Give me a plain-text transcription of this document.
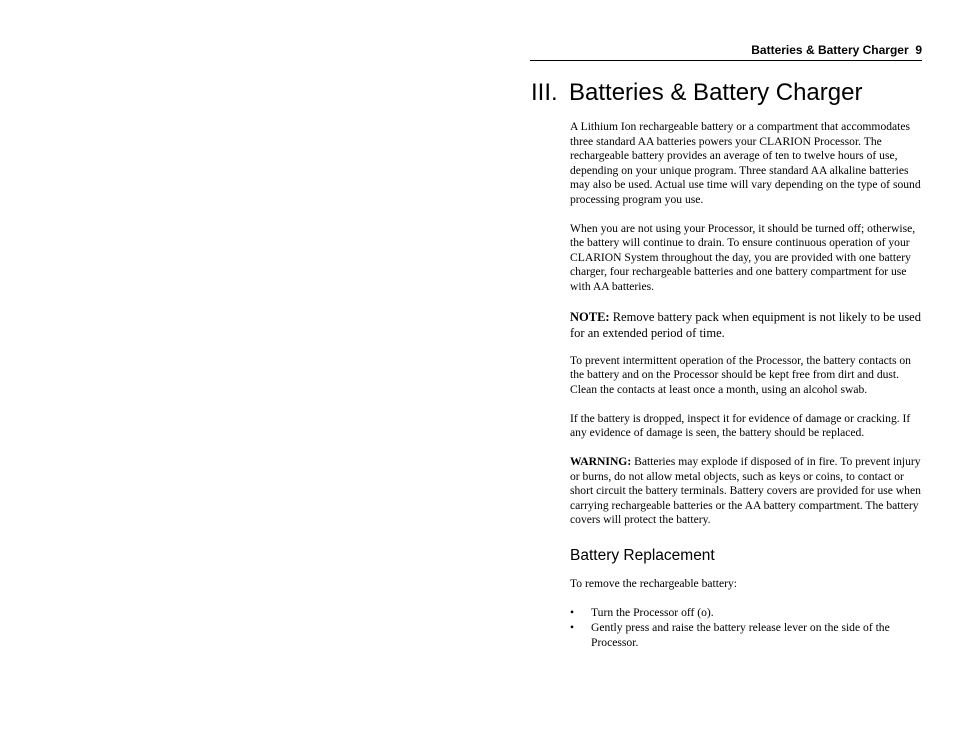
Batteries & Battery Charger 9
III. Batteries & Battery Charger

A Lithium Ion rechargeable battery or a compartment that accommodates three standard AA batteries powers your CLARION Processor. The rechargeable battery provides an average of ten to twelve hours of use, depending on your unique program. Three standard AA alkaline batteries may also be used. Actual use time will vary depending on the type of sound processing program you use.

When you are not using your Processor, it should be turned off; otherwise, the battery will continue to drain. To ensure continuous operation of your CLARION System throughout the day, you are provided with one battery charger, four rechargeable batteries and one battery compartment for use with AA batteries.

NOTE: Remove battery pack when equipment is not likely to be used for an extended period of time.

To prevent intermittent operation of the Processor, the battery contacts on the battery and on the Processor should be kept free from dirt and dust. Clean the contacts at least once a month, using an alcohol swab.

If the battery is dropped, inspect it for evidence of damage or cracking. If any evidence of damage is seen, the battery should be replaced.

WARNING: Batteries may explode if disposed of in fire. To prevent injury or burns, do not allow metal objects, such as keys or coins, to contact or short circuit the battery terminals. Battery covers are provided for use when carrying rechargeable batteries or the AA battery compartment. The battery covers will protect the battery.

Battery Replacement

To remove the rechargeable battery:

• Turn the Processor off (o).
• Gently press and raise the battery release lever on the side of the Processor.
